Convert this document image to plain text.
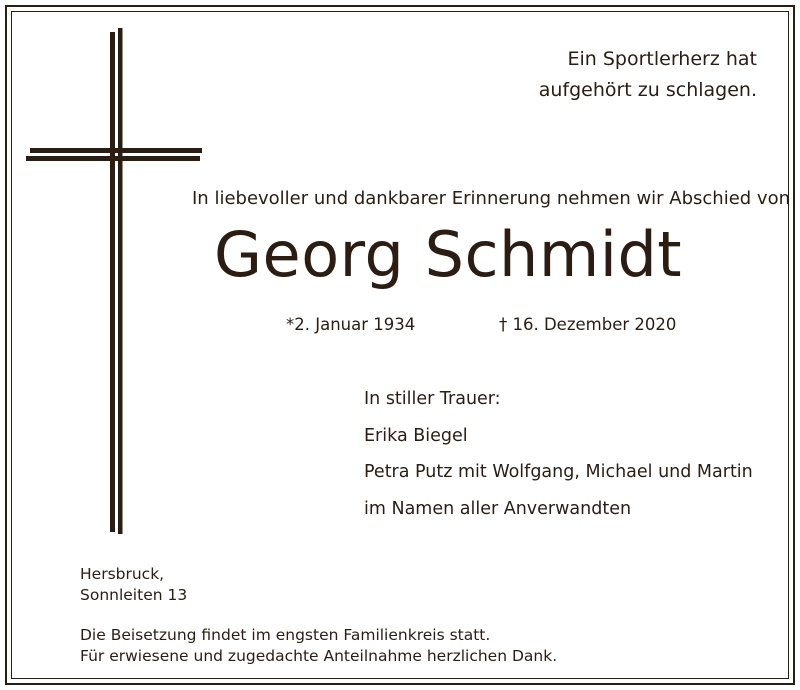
Ein Sportlerherz hat
aufgehört zu schlagen.
In liebevoller und dankbarer Erinnerung nehmen wir Abschied von
Georg Schmidt
*2. Januar 1934	† 16. Dezember 2020
In stiller Trauer:
Erika Biegel
Petra Putz mit Wolfgang, Michael und Martin
im Namen aller Anverwandten
Hersbruck,
Sonnleiten 13
Die Beisetzung findet im engsten Familienkreis statt.
Für erwiesene und zugedachte Anteilnahme herzlichen Dank.
